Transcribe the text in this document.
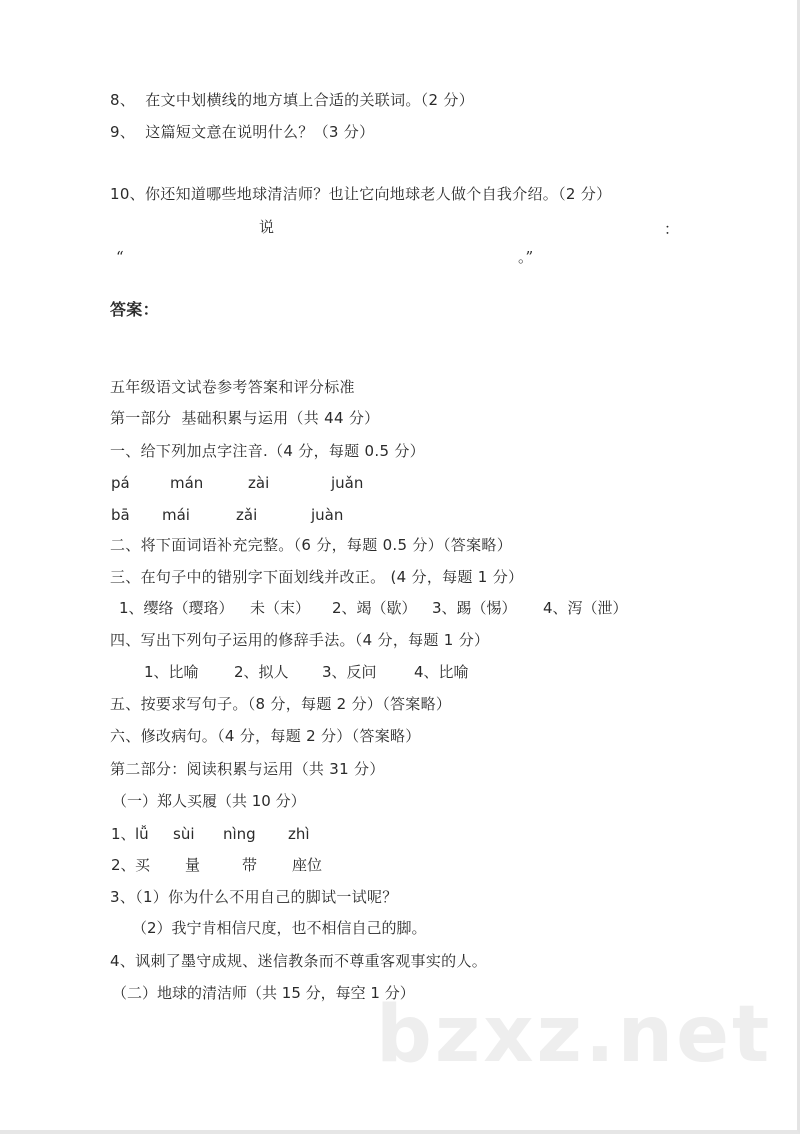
8、  在文中划横线的地方填上合适的关联词。（2 分）
9、  这篇短文意在说明什么？（3 分）
10、你还知道哪些地球清洁师？也让它向地球老人做个自我介绍。（2 分）
说	：
“	。”
答案：
五年级语文试卷参考答案和评分标准
第一部分  基础积累与运用（共 44 分）
一、给下列加点字注音.（4 分，每题 0.5 分）
pá	mán	zài	juǎn
bā mái	zǎi	juàn
二、将下面词语补充完整。（6 分，每题 0.5 分）（答案略）
三、在句子中的错别字下面划线并改正。 (4 分，每题 1 分）
1、缨络（璎珞） 未（末） 2、竭（歇） 3、踢（惕） 4、泻（泄）
四、写出下列句子运用的修辞手法。（4 分，每题 1 分）
1、比喻 2、拟人 3、反问 4、比喻
五、按要求写句子。（8 分，每题 2 分）（答案略）
六、修改病句。（4 分，每题 2 分）（答案略）
第二部分：阅读积累与运用（共 31 分）
（一）郑人买履（共 10 分）
1、 lǚ sùi nìng zhì
2、 买 量	带 座位
3、（1）你为什么不用自己的脚试一试呢？
（2）我宁肯相信尺度，也不相信自己的脚。
4、讽刺了墨守成规、迷信教条而不尊重客观事实的人。
（二）地球的清洁师（共 15 分，每空 1 分）
bzxz.net
